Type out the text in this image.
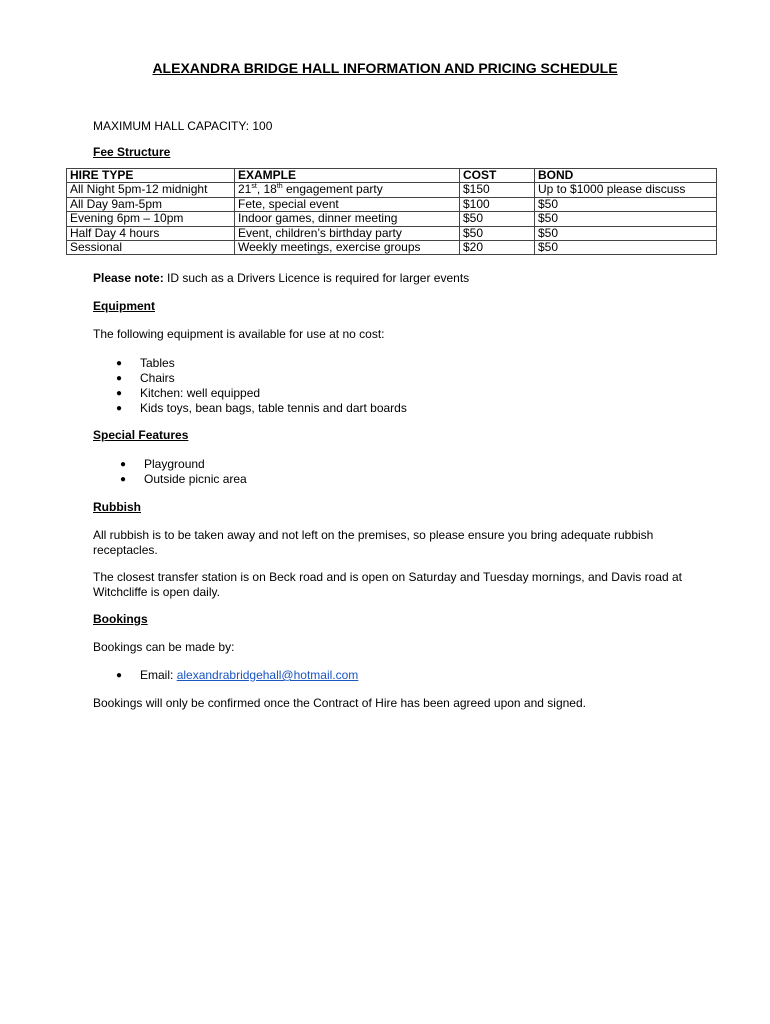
ALEXANDRA BRIDGE HALL INFORMATION AND PRICING SCHEDULE
MAXIMUM HALL CAPACITY: 100
Fee Structure
HIRE TYPE	EXAMPLE	COST	BOND
All Night 5pm-12 midnight	21st, 18th engagement party	$150	Up to $1000 please discuss
All Day 9am-5pm	Fete, special event	$100	$50
Evening 6pm – 10pm	Indoor games, dinner meeting	$50	$50
Half Day 4 hours	Event, children’s birthday party	$50	$50
Sessional	Weekly meetings, exercise groups	$20	$50
Please note: ID such as a Drivers Licence is required for larger events
Equipment
The following equipment is available for use at no cost:
● Tables
● Chairs
● Kitchen: well equipped
● Kids toys, bean bags, table tennis and dart boards
Special Features
● Playground
● Outside picnic area
Rubbish
All rubbish is to be taken away and not left on the premises, so please ensure you bring adequate rubbish receptacles.
The closest transfer station is on Beck road and is open on Saturday and Tuesday mornings, and Davis road at Witchcliffe is open daily.
Bookings
Bookings can be made by:
● Email: alexandrabridgehall@hotmail.com
Bookings will only be confirmed once the Contract of Hire has been agreed upon and signed.
